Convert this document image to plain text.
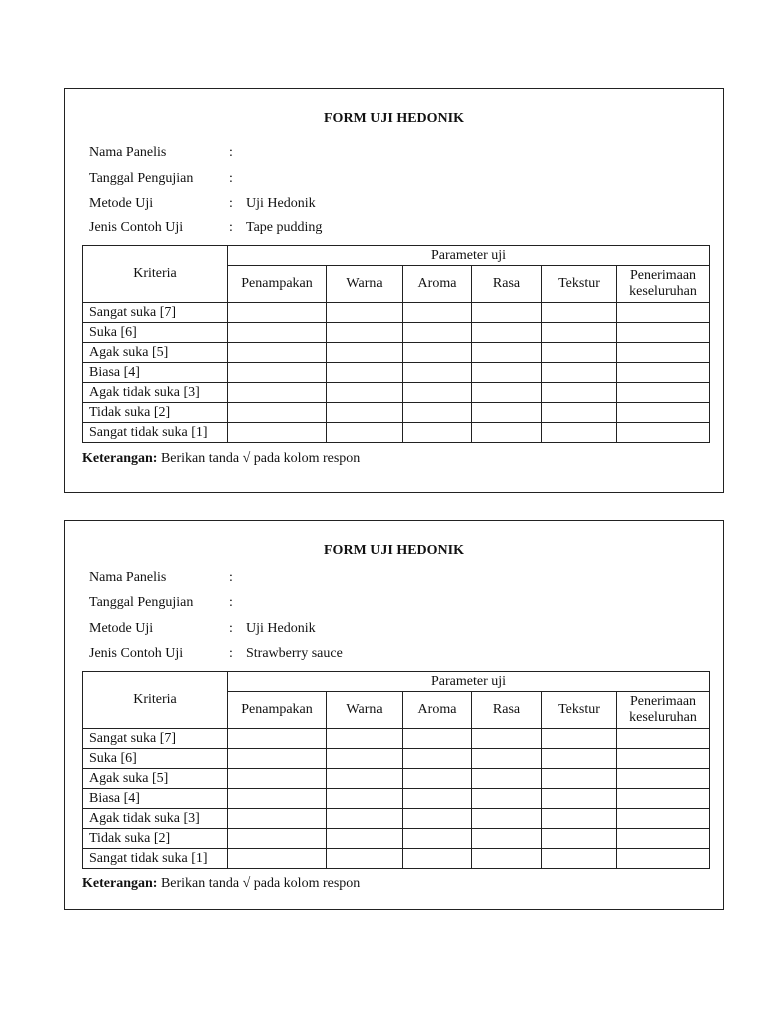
FORM UJI HEDONIK
Nama Panelis	:
Tanggal Pengujian	:
Metode Uji	: Uji Hedonik
Jenis Contoh Uji	: Tape pudding
Kriteria	Parameter uji					
	Penampakan	Warna	Aroma	Rasa	Tekstur	Penerimaan keseluruhan
Sangat suka [7]						
Suka [6]						
Agak suka [5]						
Biasa [4]						
Agak tidak suka [3]						
Tidak suka [2]						
Sangat tidak suka [1]						
Keterangan: Berikan tanda √ pada kolom respon
FORM UJI HEDONIK
Nama Panelis	:
Tanggal Pengujian	:
Metode Uji	: Uji Hedonik
Jenis Contoh Uji	: Strawberry sauce
Kriteria	Parameter uji					
	Penampakan	Warna	Aroma	Rasa	Tekstur	Penerimaan keseluruhan
Sangat suka [7]						
Suka [6]						
Agak suka [5]						
Biasa [4]						
Agak tidak suka [3]						
Tidak suka [2]						
Sangat tidak suka [1]						
Keterangan: Berikan tanda √ pada kolom respon
